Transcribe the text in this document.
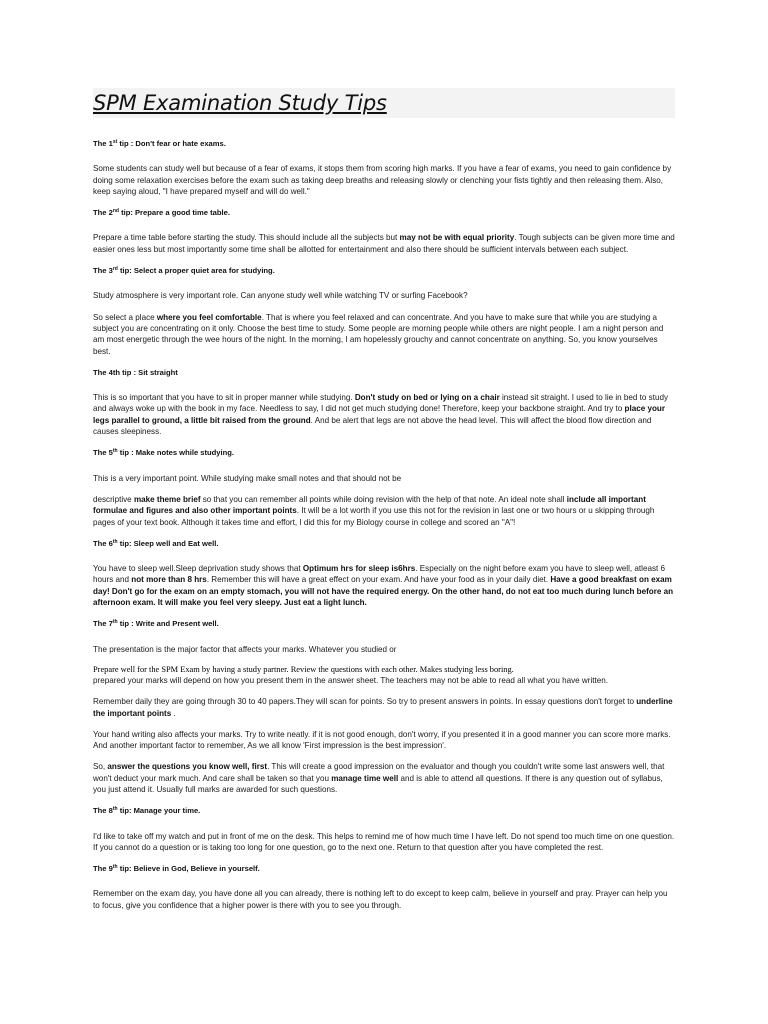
SPM Examination Study Tips
The 1st tip : Don't fear or hate exams.

Some students can study well but because of a fear of exams, it stops them from scoring high marks. If you have a fear of exams, you need to gain confidence by doing some relaxation exercises before the exam such as taking deep breaths and releasing slowly or clenching your fists tightly and then releasing them. Also, keep saying aloud, "I have prepared myself and will do well."

The 2nd tip: Prepare a good time table.

Prepare a time table before starting the study. This should include all the subjects but may not be with equal priority. Tough subjects can be given more time and easier ones less but most importantly some time shall be allotted for entertainment and also there should be sufficient intervals between each subject.

The 3rd tip: Select a proper quiet area for studying.

Study atmosphere is very important role. Can anyone study well while watching TV or surfing Facebook?

So select a place where you feel comfortable. That is where you feel relaxed and can concentrate. And you have to make sure that while you are studying a subject you are concentrating on it only. Choose the best time to study. Some people are morning people while others are night people. I am a night person and am most energetic through the wee hours of the night. In the morning, I am hopelessly grouchy and cannot concentrate on anything. So, you know yourselves best.

The 4th tip : Sit straight

This is so important that you have to sit in proper manner while studying. Don't study on bed or lying on a chair instead sit straight. I used to lie in bed to study and always woke up with the book in my face. Needless to say, I did not get much studying done! Therefore, keep your backbone straight. And try to place your legs parallel to ground, a little bit raised from the ground. And be alert that legs are not above the head level. This will affect the blood flow direction and causes sleepiness.

The 5th tip : Make notes while studying.

This is a very important point. While studying make small notes and that should not be

descriptive make theme brief so that you can remember all points while doing revision with the help of that note. An ideal note shall include all important formulae and figures and also other important points. It will be a lot worth if you use this not for the revision in last one or two hours or u skipping through pages of your text book. Although it takes time and effort, I did this for my Biology course in college and scored an "A"!

The 6th tip: Sleep well and Eat well.

You have to sleep well.Sleep deprivation study shows that Optimum hrs for sleep is6hrs. Especially on the night before exam you have to sleep well, atleast 6 hours and not more than 8 hrs. Remember this will have a great effect on your exam. And have your food as in your daily diet. Have a good breakfast on exam day! Don't go for the exam on an empty stomach, you will not have the required energy. On the other hand, do not eat too much during lunch before an afternoon exam. It will make you feel very sleepy. Just eat a light lunch.

The 7th tip : Write and Present well.

The presentation is the major factor that affects your marks. Whatever you studied or

Prepare well for the SPM Exam by having a study partner. Review the questions with each other. Makes studying less boring.

prepared your marks will depend on how you present them in the answer sheet. The teachers may not be able to read all what you have written.

Remember daily they are going through 30 to 40 papers.They will scan for points. So try to present answers in points. In essay questions don't forget to underline the important points .

Your hand writing also affects your marks. Try to write neatly. if it is not good enough, don't worry, if you presented it in a good manner you can score more marks. And another important factor to remember, As we all know 'First impression is the best impression'.

So, answer the questions you know well, first. This will create a good impression on the evaluator and though you couldn't write some last answers well, that won't deduct your mark much. And care shall be taken so that you manage time well and is able to attend all questions. If there is any question out of syllabus, you just attend it. Usually full marks are awarded for such questions.

The 8th tip: Manage your time.

I'd like to take off my watch and put in front of me on the desk. This helps to remind me of how much time I have left. Do not spend too much time on one question. If you cannot do a question or is taking too long for one question, go to the next one. Return to that question after you have completed the rest.

The 9th tip: Believe in God, Believe in yourself.

Remember on the exam day, you have done all you can already, there is nothing left to do except to keep calm, believe in yourself and pray. Prayer can help you to focus, give you confidence that a higher power is there with you to see you through.
